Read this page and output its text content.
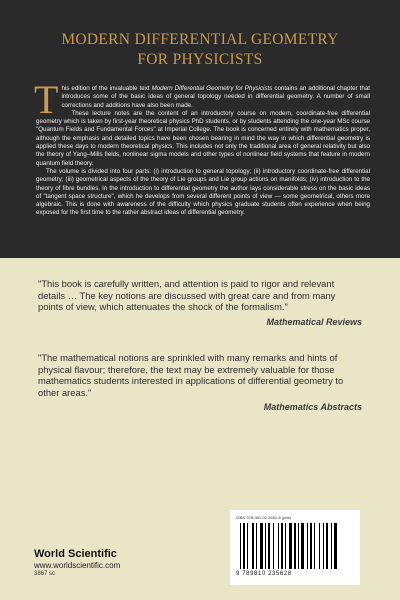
MODERN DIFFERENTIAL GEOMETRY
FOR PHYSICISTS

This edition of the invaluable text Modern Differential Geometry for Physicists contains an additional chapter that introduces some of the basic ideas of general topology needed in differential geometry. A number of small corrections and additions have also been made.

These lecture notes are the content of an introductory course on modern, coordinate-free differential geometry which is taken by first-year theoretical physics PhD students, or by students attending the one-year MSc course "Quantum Fields and Fundamental Forces" at Imperial College. The book is concerned entirely with mathematics proper, although the emphasis and detailed topics have been chosen bearing in mind the way in which differential geometry is applied these days to modern theoretical physics. This includes not only the traditional area of general relativity but also the theory of Yang–Mills fields, nonlinear sigma models and other types of nonlinear field systems that feature in modern quantum field theory.

The volume is divided into four parts: (i) introduction to general topology; (ii) introductory coordinate-free differential geometry; (iii) geometrical aspects of the theory of Lie groups and Lie group actions on manifolds; (iv) introduction to the theory of fibre bundles. In the introduction to differential geometry the author lays considerable stress on the basic ideas of "tangent space structure", which he develops from several different points of view — some geometrical, others more algebraic. This is done with awareness of the difficulty which physics graduate students often experience when being exposed for the first time to the rather abstract ideas of differential geometry.

"This book is carefully written, and attention is paid to rigor and relevant details … The key notions are discussed with great care and from many points of view, which attenuates the shock of the formalism."
Mathematical Reviews
"The mathematical notions are sprinkled with many remarks and hints of physical flavour; therefore, the text may be extremely valuable for those mathematics students interested in applications of differential geometry to other areas."
Mathematics Abstracts
World Scientific
www.worldscientific.com
3867 sc
ISBN 978-981-02-3562-8 (pbk)
9 789810 235628
